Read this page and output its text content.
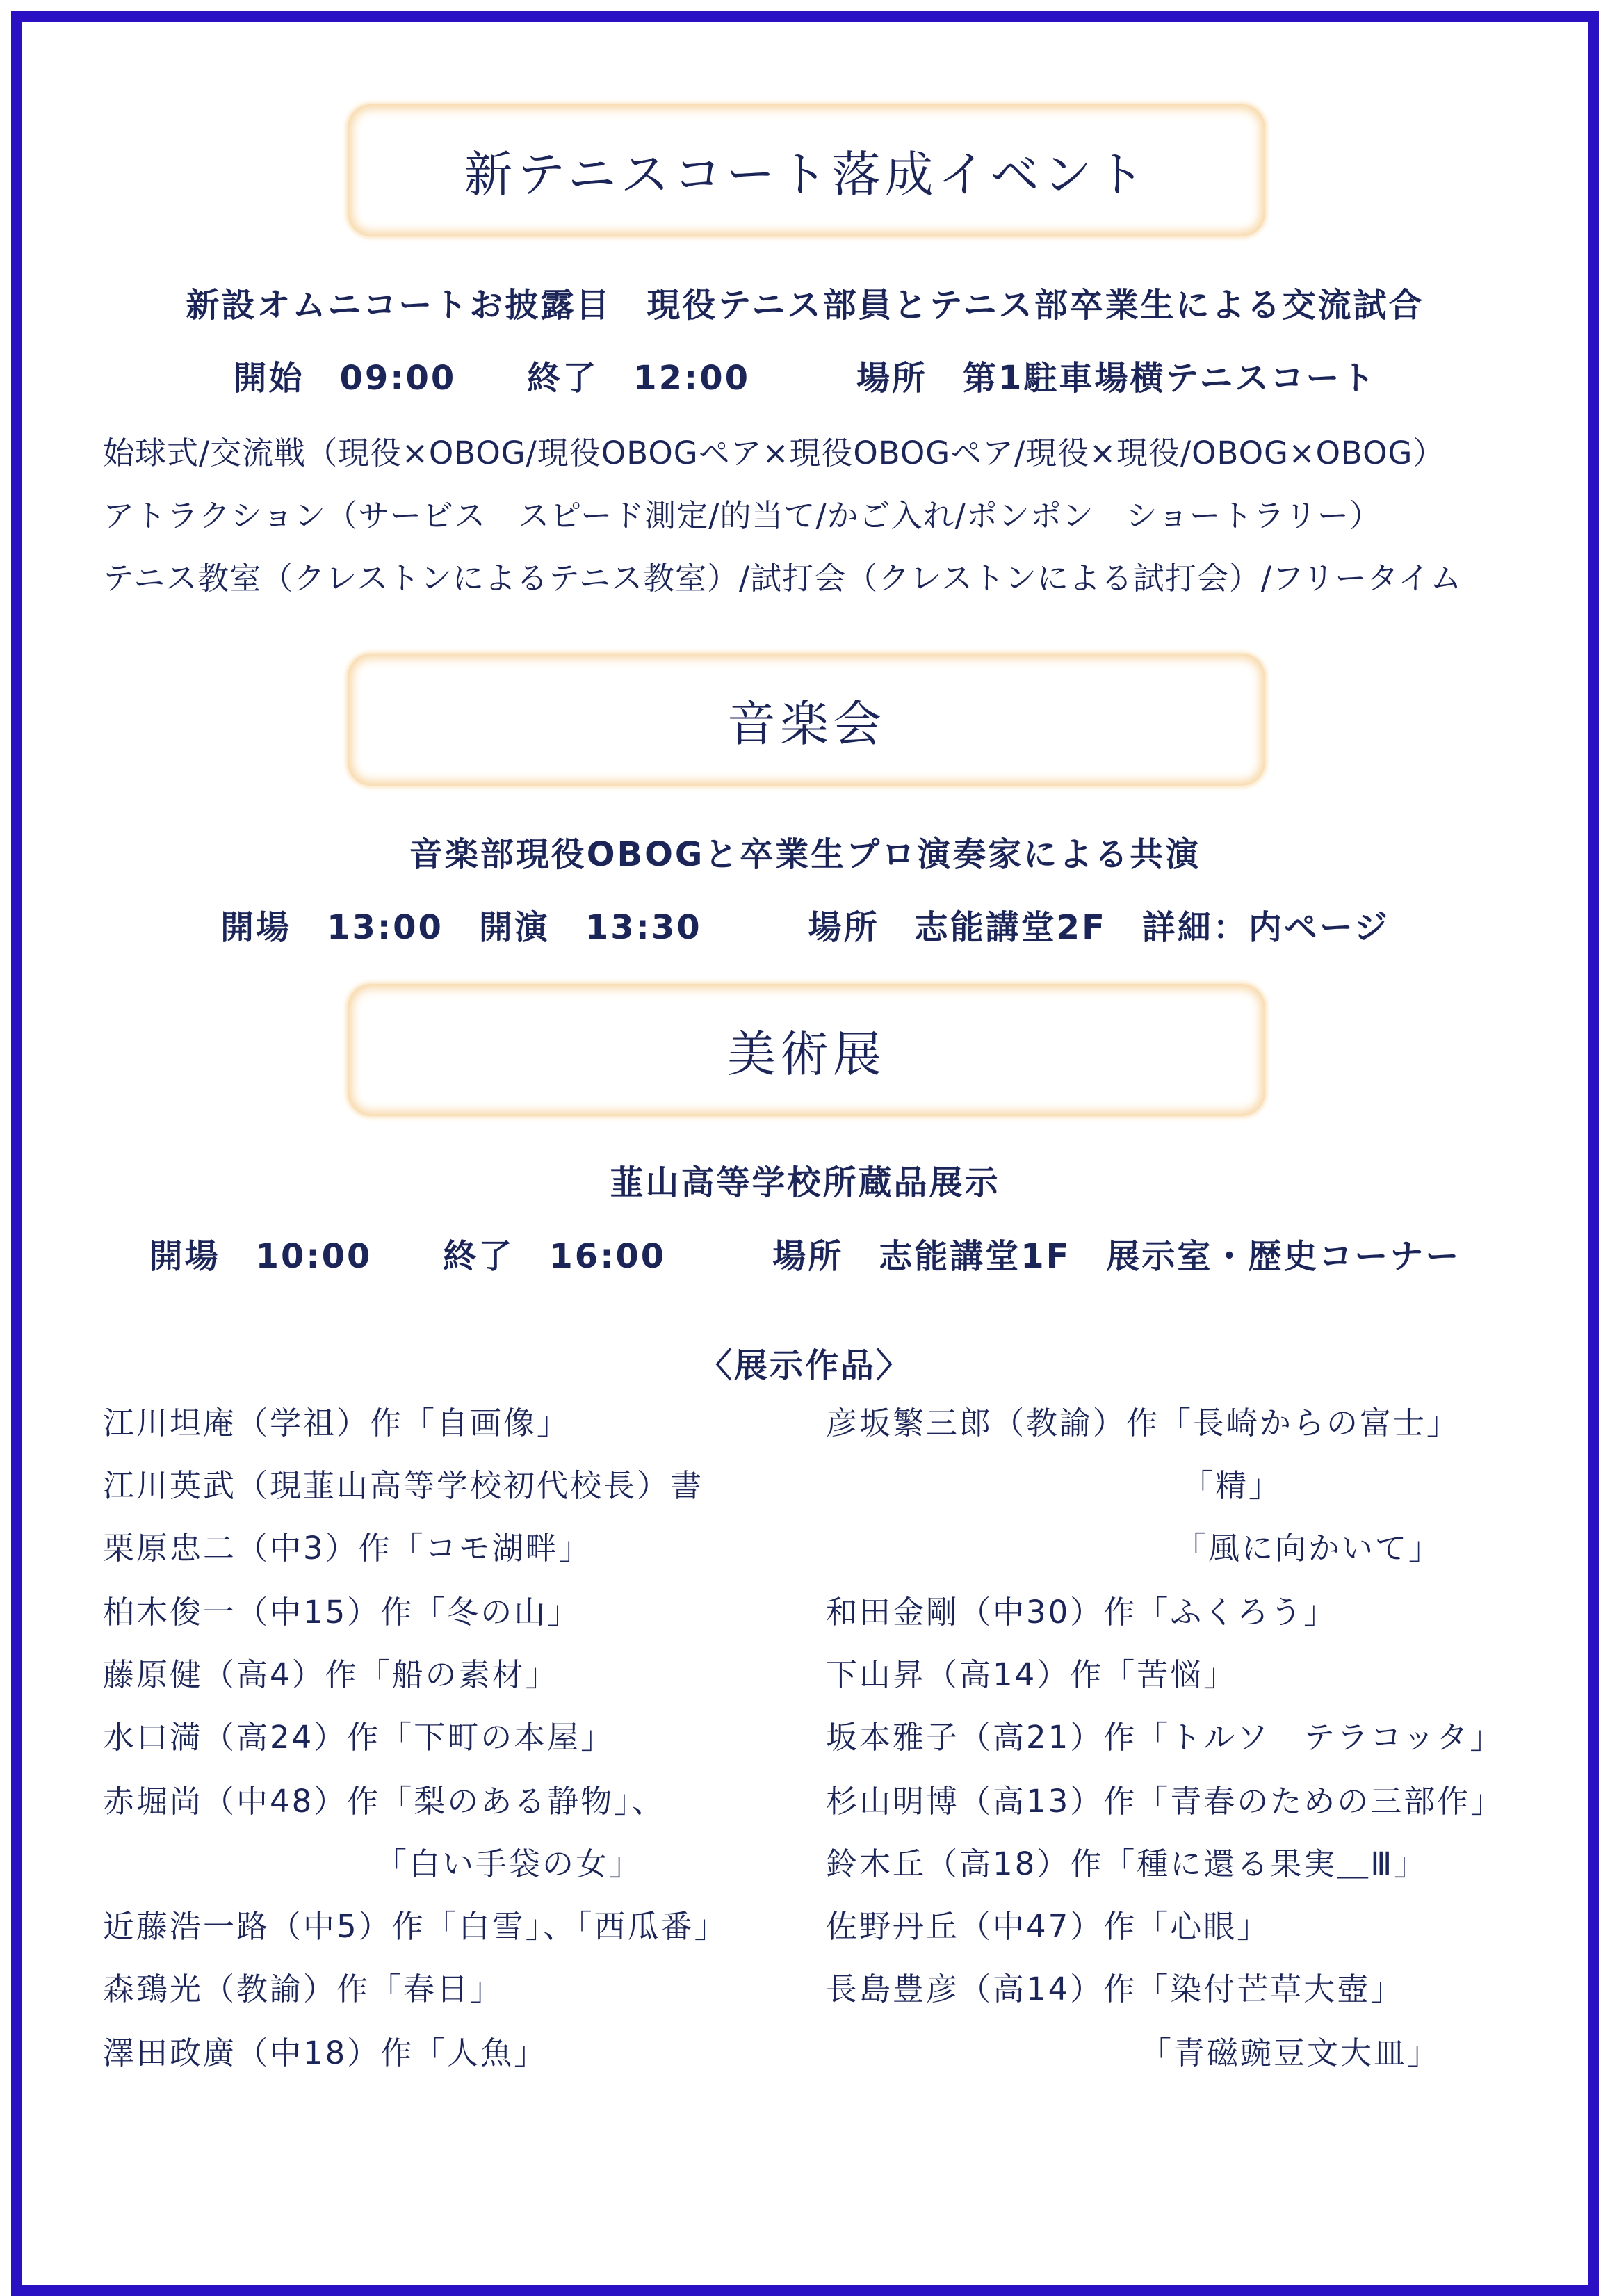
新テニスコート落成イベント
新設オムニコートお披露目　現役テニス部員とテニス部卒業生による交流試合
開始　09:00　　終了　12:00　　　場所　第1駐車場横テニスコート
始球式/交流戦（現役×OBOG/現役OBOGペア×現役OBOGペア/現役×現役/OBOG×OBOG）
アトラクション（サービス　スピード測定/的当て/かご入れ/ポンポン　ショートラリー）
テニス教室（クレストンによるテニス教室）/試打会（クレストンによる試打会）/フリータイム
音楽会
音楽部現役OBOGと卒業生プロ演奏家による共演
開場　13:00　開演　13:30　　　場所　志能講堂2F　詳細：内ページ
美術展
韮山高等学校所蔵品展示
開場　10:00　　終了　16:00　　　場所　志能講堂1F　展示室・歴史コーナー
〈展示作品〉
江川坦庵（学祖）作「自画像」
江川英武（現韮山高等学校初代校長）書
栗原忠二（中3）作「コモ湖畔」
柏木俊一（中15）作「冬の山」
藤原健（高4）作「船の素材」
水口満（高24）作「下町の本屋」
赤堀尚（中48）作「梨のある静物」、
「白い手袋の女」
近藤浩一路（中5）作「白雪」、「西瓜番」
森鵄光（教諭）作「春日」
澤田政廣（中18）作「人魚」
彦坂繁三郎（教諭）作「長崎からの富士」
「精」
「風に向かいて」
和田金剛（中30）作「ふくろう」
下山昇（高14）作「苦悩」
坂本雅子（高21）作「トルソ　テラコッタ」
杉山明博（高13）作「青春のための三部作」
鈴木丘（高18）作「種に還る果実＿Ⅲ」
佐野丹丘（中47）作「心眼」
長島豊彦（高14）作「染付芒草大壺」
「青磁豌豆文大皿」
